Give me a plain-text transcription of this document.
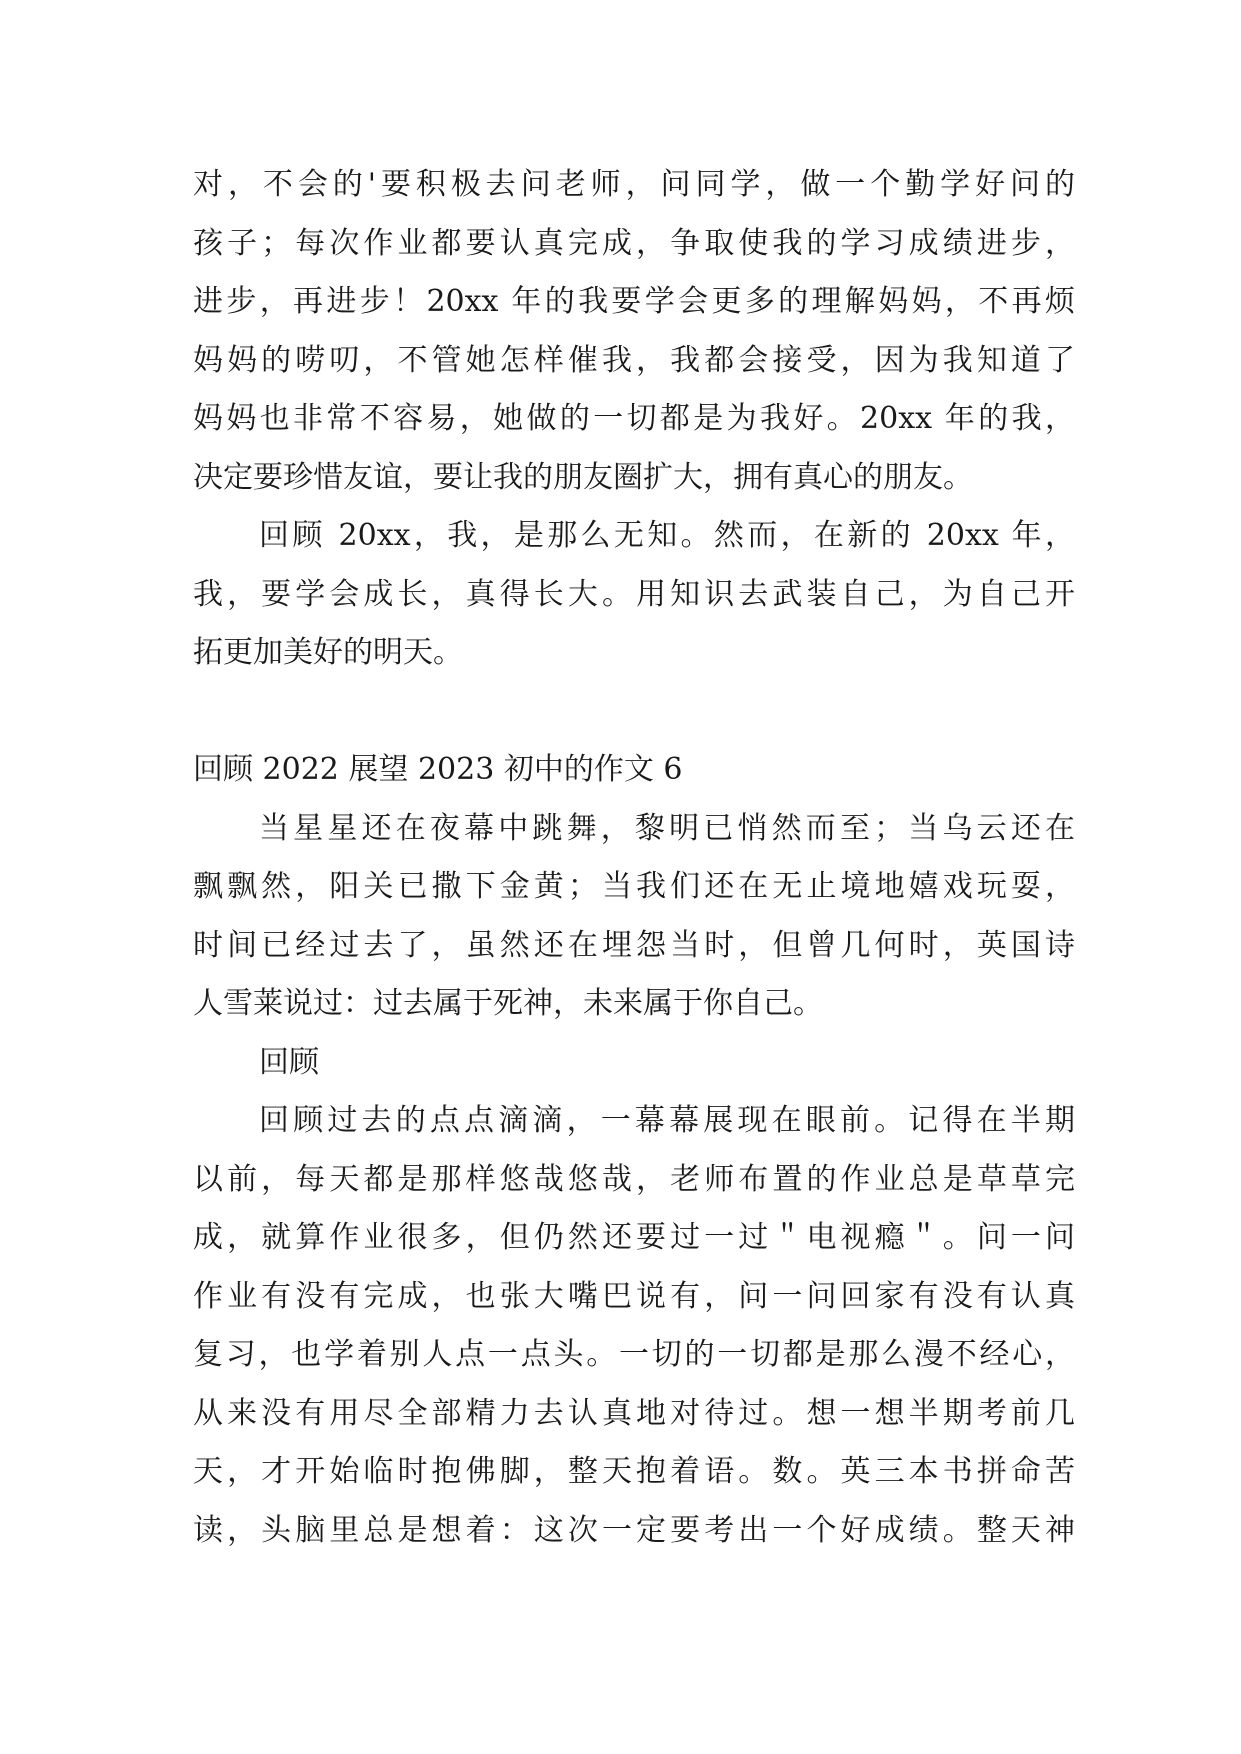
对，不会的'要积极去问老师，问同学，做一个勤学好问的
孩子；每次作业都要认真完成，争取使我的学习成绩进步，
进步，再进步！20xx 年的我要学会更多的理解妈妈，不再烦
妈妈的唠叨，不管她怎样催我，我都会接受，因为我知道了
妈妈也非常不容易，她做的一切都是为我好。20xx 年的我，
决定要珍惜友谊，要让我的朋友圈扩大，拥有真心的朋友。
回顾 20xx，我，是那么无知。然而，在新的 20xx 年，
我，要学会成长，真得长大。用知识去武装自己，为自己开
拓更加美好的明天。
回顾 2022 展望 2023 初中的作文 6
当星星还在夜幕中跳舞，黎明已悄然而至；当乌云还在
飘飘然，阳关已撒下金黄；当我们还在无止境地嬉戏玩耍，
时间已经过去了，虽然还在埋怨当时，但曾几何时，英国诗
人雪莱说过：过去属于死神，未来属于你自己。
回顾
回顾过去的点点滴滴，一幕幕展现在眼前。记得在半期
以前，每天都是那样悠哉悠哉，老师布置的作业总是草草完
成，就算作业很多，但仍然还要过一过＂电视瘾＂。问一问
作业有没有完成，也张大嘴巴说有，问一问回家有没有认真
复习，也学着别人点一点头。一切的一切都是那么漫不经心，
从来没有用尽全部精力去认真地对待过。想一想半期考前几
天，才开始临时抱佛脚，整天抱着语。数。英三本书拼命苦
读，头脑里总是想着：这次一定要考出一个好成绩。整天神
